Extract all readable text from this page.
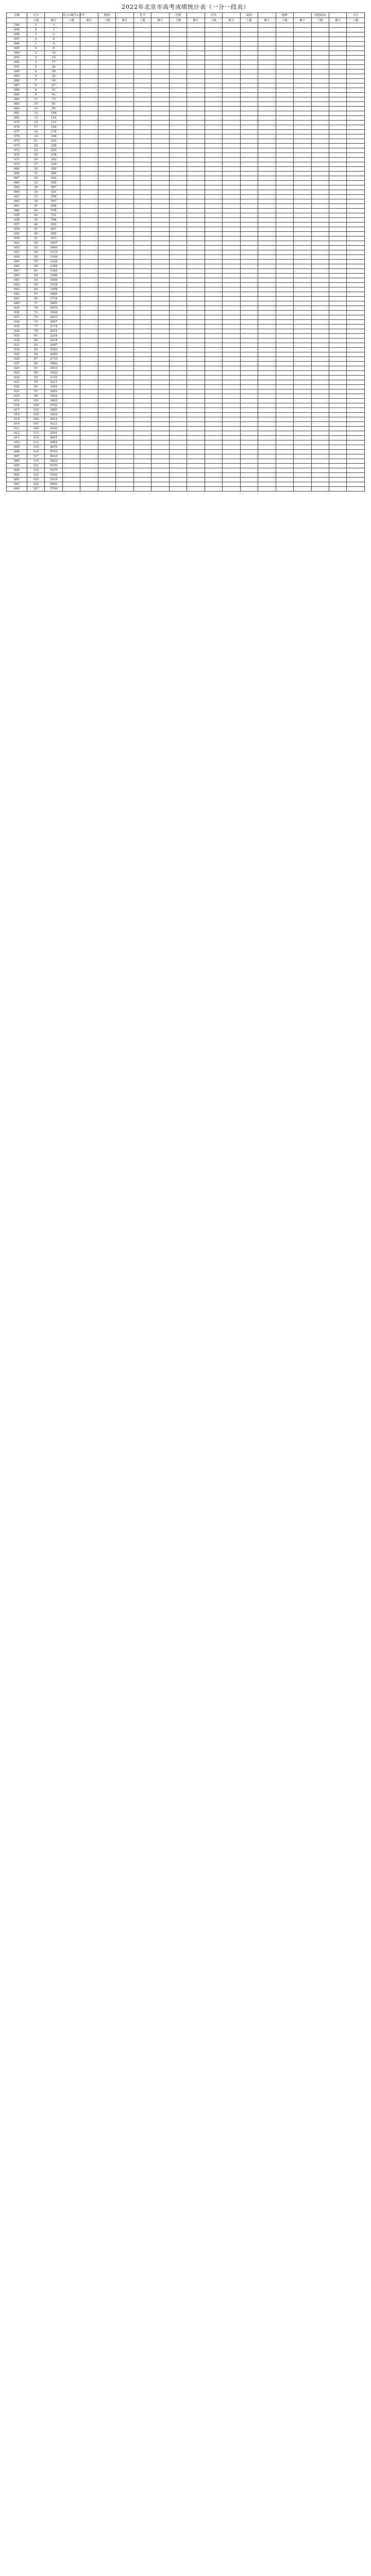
2022年北京市高考成绩统计表（一分一段表）
分数	总分		语文+数学+外语		物理		化学		生物		历史		政治		地理		思想政治		合计
	人数	累计	人数	累计	人数	累计	人数	累计	人数	累计	人数	累计	人数	累计	人数	累计	人数	累计	人数
700	1	1																	
699	0	1																	
698	1	2																	
697	2	4																	
696	1	5																	
695	3	8																	
694	2	10																	
693	4	14																	
692	3	17																	
691	5	22																	
690	6	28																	
689	4	32																	
688	7	39																	
687	8	47																	
686	6	53																	
685	9	62																	
684	11	73																	
683	10	83																	
682	12	95																	
681	14	109																	
680	13	122																	
679	15	137																	
678	17	154																	
677	16	170																	
676	19	189																	
675	21	210																	
674	20	230																	
673	23	253																	
672	25	278																	
671	24	302																	
670	27	329																	
669	29	358																	
668	31	389																	
667	30	419																	
666	33	452																	
665	35	487																	
664	34	521																	
663	37	558																	
662	39	597																	
661	41	638																	
660	40	678																	
659	43	721																	
658	45	766																	
657	44	810																	
656	47	857																	
655	49	906																	
654	51	957																	
653	50	1007																	
652	53	1060																	
651	55	1115																	
650	54	1169																	
649	57	1226																	
648	59	1285																	
647	61	1346																	
646	60	1406																	
645	63	1469																	
644	65	1534																	
643	64	1598																	
642	67	1665																	
641	69	1734																	
640	71	1805																	
639	70	1875																	
638	73	1948																	
637	75	2023																	
636	74	2097																	
635	77	2174																	
634	79	2253																	
633	81	2334																	
632	80	2414																	
631	83	2497																	
630	85	2582																	
629	84	2666																	
628	87	2753																	
627	89	2842																	
626	91	2933																	
625	90	3023																	
624	93	3116																	
623	95	3211																	
622	94	3305																	
621	97	3402																	
620	99	3501																	
619	101	3602																	
618	100	3702																	
617	103	3805																	
616	105	3910																	
615	104	4014																	
614	107	4121																	
613	109	4230																	
612	111	4341																	
611	110	4451																	
610	113	4564																	
609	115	4679																	
608	114	4793																	
607	117	4910																	
606	119	5029																	
605	121	5150																	
604	120	5270																	
603	123	5393																	
602	125	5518																	
601	124	5642																	
600	127	5769																	
